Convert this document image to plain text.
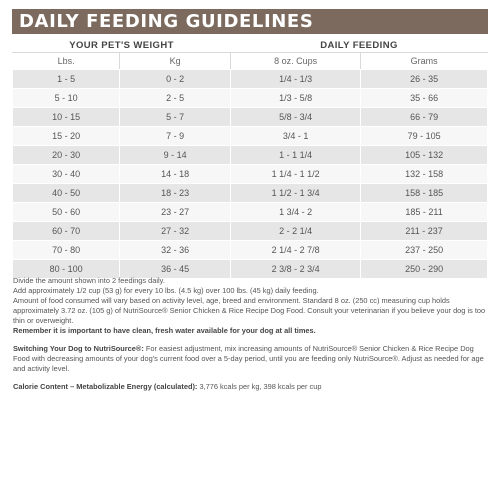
DAILY FEEDING GUIDELINES
YOUR PET'S WEIGHT		DAILY FEEDING	
Lbs.	Kg	8 oz. Cups	Grams
1 - 5	0 - 2	1/4 - 1/3	26 - 35
5 - 10	2 - 5	1/3 - 5/8	35 - 66
10 - 15	5 - 7	5/8 - 3/4	66 - 79
15 - 20	7 - 9	3/4 - 1	79 - 105
20 - 30	9 - 14	1 - 1 1/4	105 - 132
30 - 40	14 - 18	1 1/4 - 1 1/2	132 - 158
40 - 50	18 - 23	1 1/2 - 1 3/4	158 - 185
50 - 60	23 - 27	1 3/4 - 2	185 - 211
60 - 70	27 - 32	2 - 2 1/4	211 - 237
70 - 80	32 - 36	2 1/4 - 2 7/8	237 - 250
80 - 100	36 - 45	2 3/8 - 2 3/4	250 - 290

Divide the amount shown into 2 feedings daily.

Add approximately 1/2 cup (53 g) for every 10 lbs. (4.5 kg) over 100 lbs. (45 kg) daily feeding.

Amount of food consumed will vary based on activity level, age, breed and environment. Standard 8 oz. (250 cc) measuring cup holds approximately 3.72 oz. (105 g) of NutriSource® Senior Chicken & Rice Recipe Dog Food. Consult your veterinarian if you believe your dog is too thin or overweight.

Remember it is important to have clean, fresh water available for your dog at all times.

Switching Your Dog to NutriSource®: For easiest adjustment, mix increasing amounts of NutriSource® Senior Chicken & Rice Recipe Dog Food with decreasing amounts of your dog's current food over a 5-day period, until you are feeding only NutriSource®. Adjust as needed for age and activity level.

Calorie Content – Metabolizable Energy (calculated): 3,776 kcals per kg, 398 kcals per cup
